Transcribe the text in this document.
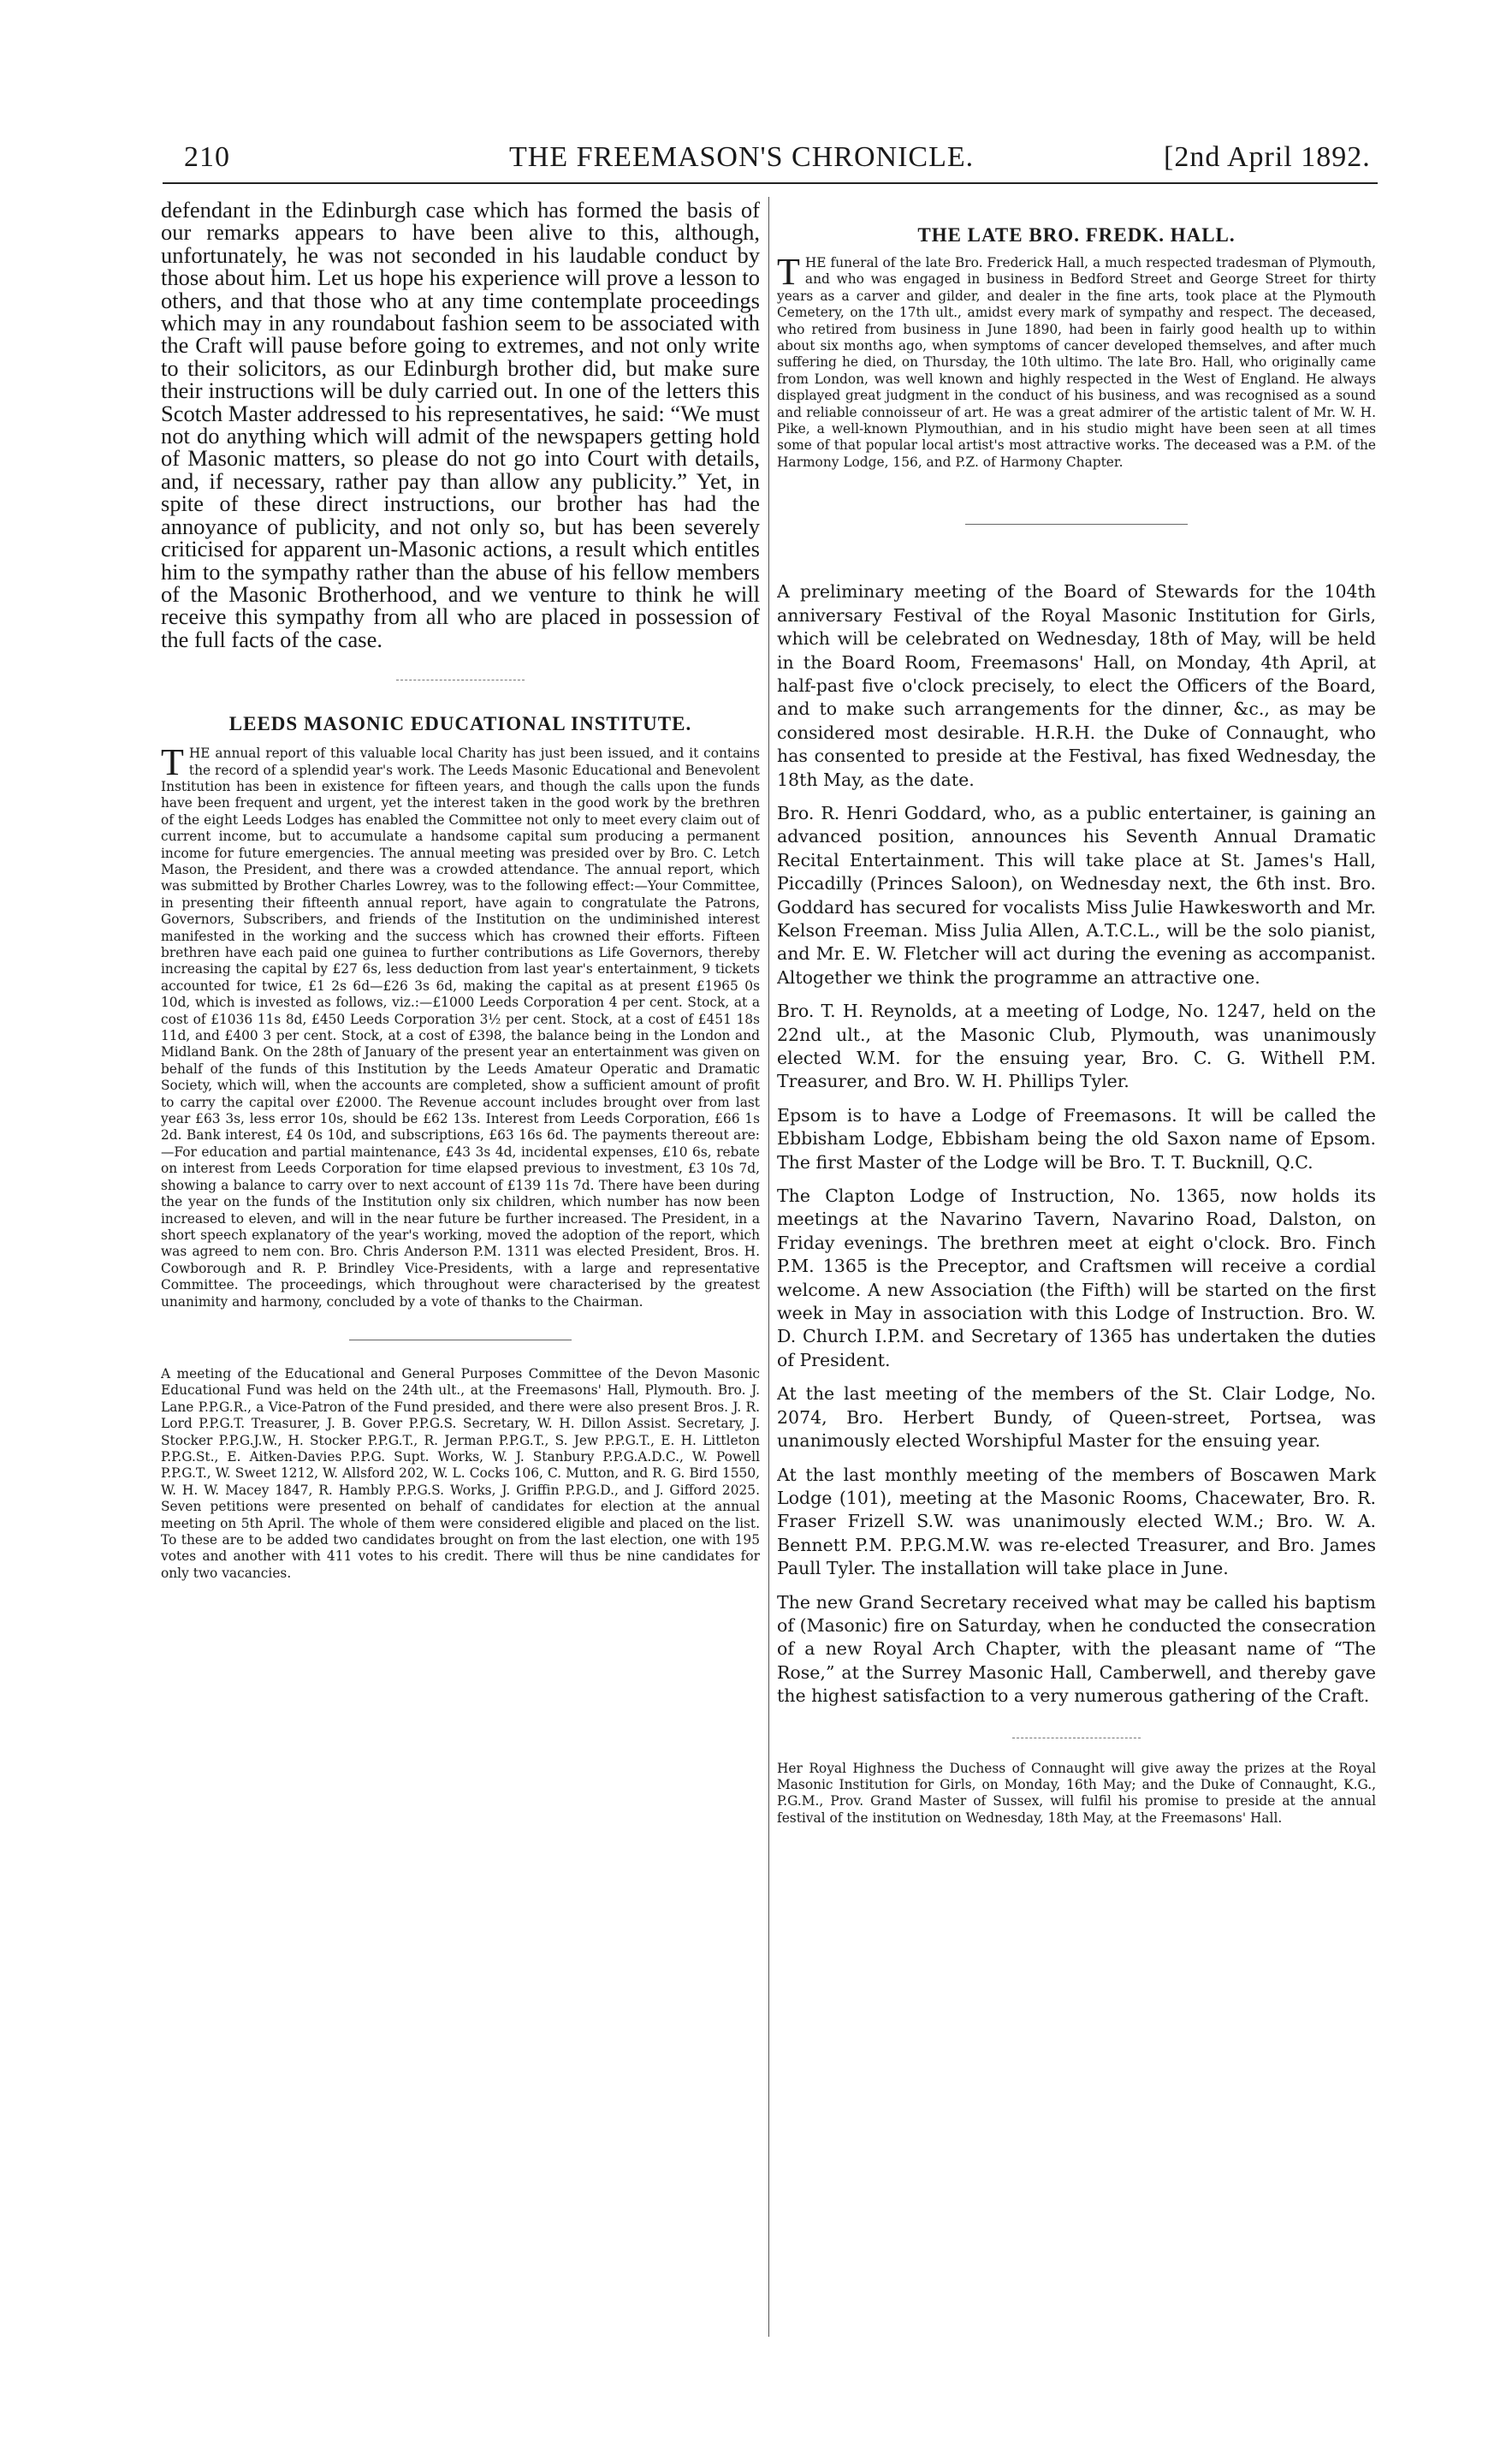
210	THE FREEMASON'S CHRONICLE.	[2nd April 1892.

defendant in the Edinburgh case which has formed the basis of our remarks appears to have been alive to this, although, unfortunately, he was not seconded in his laudable conduct by those about him. Let us hope his experience will prove a lesson to others, and that those who at any time contemplate proceedings which may in any roundabout fashion seem to be associated with the Craft will pause before going to extremes, and not only write to their solicitors, as our Edinburgh brother did, but make sure their instructions will be duly carried out. In one of the letters this Scotch Master addressed to his representatives, he said: “We must not do anything which will admit of the newspapers getting hold of Masonic matters, so please do not go into Court with details, and, if necessary, rather pay than allow any publicity.” Yet, in spite of these direct instructions, our brother has had the annoyance of publicity, and not only so, but has been severely criticised for apparent un-Masonic actions, a result which entitles him to the sympathy rather than the abuse of his fellow members of the Masonic Brotherhood, and we venture to think he will receive this sympathy from all who are placed in possession of the full facts of the case.

LEEDS MASONIC EDUCATIONAL INSTITUTE.

THE annual report of this valuable local Charity has just been issued, and it contains the record of a splendid year's work. The Leeds Masonic Educational and Benevolent Institution has been in existence for fifteen years, and though the calls upon the funds have been frequent and urgent, yet the interest taken in the good work by the brethren of the eight Leeds Lodges has enabled the Committee not only to meet every claim out of current income, but to accumulate a handsome capital sum producing a permanent income for future emergencies. The annual meeting was presided over by Bro. C. Letch Mason, the President, and there was a crowded attendance. The annual report, which was submitted by Brother Charles Lowrey, was to the following effect:—Your Committee, in presenting their fifteenth annual report, have again to congratulate the Patrons, Governors, Subscribers, and friends of the Institution on the undiminished interest manifested in the working and the success which has crowned their efforts. Fifteen brethren have each paid one guinea to further contributions as Life Governors, thereby increasing the capital by £27 6s, less deduction from last year's entertainment, 9 tickets accounted for twice, £1 2s 6d—£26 3s 6d, making the capital as at present £1965 0s 10d, which is invested as follows, viz.:—£1000 Leeds Corporation 4 per cent. Stock, at a cost of £1036 11s 8d, £450 Leeds Corporation 3½ per cent. Stock, at a cost of £451 18s 11d, and £400 3 per cent. Stock, at a cost of £398, the balance being in the London and Midland Bank. On the 28th of January of the present year an entertainment was given on behalf of the funds of this Institution by the Leeds Amateur Operatic and Dramatic Society, which will, when the accounts are completed, show a sufficient amount of profit to carry the capital over £2000. The Revenue account includes brought over from last year £63 3s, less error 10s, should be £62 13s. Interest from Leeds Corporation, £66 1s 2d. Bank interest, £4 0s 10d, and subscriptions, £63 16s 6d. The payments thereout are:—For education and partial maintenance, £43 3s 4d, incidental expenses, £10 6s, rebate on interest from Leeds Corporation for time elapsed previous to investment, £3 10s 7d, showing a balance to carry over to next account of £139 11s 7d. There have been during the year on the funds of the Institution only six children, which number has now been increased to eleven, and will in the near future be further increased. The President, in a short speech explanatory of the year's working, moved the adoption of the report, which was agreed to nem con. Bro. Chris Anderson P.M. 1311 was elected President, Bros. H. Cowborough and R. P. Brindley Vice-Presidents, with a large and representative Committee. The proceedings, which throughout were characterised by the greatest unanimity and harmony, concluded by a vote of thanks to the Chairman.

A meeting of the Educational and General Purposes Committee of the Devon Masonic Educational Fund was held on the 24th ult., at the Freemasons' Hall, Plymouth. Bro. J. Lane P.P.G.R., a Vice-Patron of the Fund presided, and there were also present Bros. J. R. Lord P.P.G.T. Treasurer, J. B. Gover P.P.G.S. Secretary, W. H. Dillon Assist. Secretary, J. Stocker P.P.G.J.W., H. Stocker P.P.G.T., R. Jerman P.P.G.T., S. Jew P.P.G.T., E. H. Littleton P.P.G.St., E. Aitken-Davies P.P.G. Supt. Works, W. J. Stanbury P.P.G.A.D.C., W. Powell P.P.G.T., W. Sweet 1212, W. Allsford 202, W. L. Cocks 106, C. Mutton, and R. G. Bird 1550, W. H. W. Macey 1847, R. Hambly P.P.G.S. Works, J. Griffin P.P.G.D., and J. Gifford 2025. Seven petitions were presented on behalf of candidates for election at the annual meeting on 5th April. The whole of them were considered eligible and placed on the list. To these are to be added two candidates brought on from the last election, one with 195 votes and another with 411 votes to his credit. There will thus be nine candidates for only two vacancies.

THE LATE BRO. FREDK. HALL.

THE funeral of the late Bro. Frederick Hall, a much respected tradesman of Plymouth, and who was engaged in business in Bedford Street and George Street for thirty years as a carver and gilder, and dealer in the fine arts, took place at the Plymouth Cemetery, on the 17th ult., amidst every mark of sympathy and respect. The deceased, who retired from business in June 1890, had been in fairly good health up to within about six months ago, when symptoms of cancer developed themselves, and after much suffering he died, on Thursday, the 10th ultimo. The late Bro. Hall, who originally came from London, was well known and highly respected in the West of England. He always displayed great judgment in the conduct of his business, and was recognised as a sound and reliable connoisseur of art. He was a great admirer of the artistic talent of Mr. W. H. Pike, a well-known Plymouthian, and in his studio might have been seen at all times some of that popular local artist's most attractive works. The deceased was a P.M. of the Harmony Lodge, 156, and P.Z. of Harmony Chapter.

A preliminary meeting of the Board of Stewards for the 104th anniversary Festival of the Royal Masonic Institution for Girls, which will be celebrated on Wednesday, 18th of May, will be held in the Board Room, Freemasons' Hall, on Monday, 4th April, at half-past five o'clock precisely, to elect the Officers of the Board, and to make such arrangements for the dinner, &c., as may be considered most desirable. H.R.H. the Duke of Connaught, who has consented to preside at the Festival, has fixed Wednesday, the 18th May, as the date.

Bro. R. Henri Goddard, who, as a public entertainer, is gaining an advanced position, announces his Seventh Annual Dramatic Recital Entertainment. This will take place at St. James's Hall, Piccadilly (Princes Saloon), on Wednesday next, the 6th inst. Bro. Goddard has secured for vocalists Miss Julie Hawkesworth and Mr. Kelson Freeman. Miss Julia Allen, A.T.C.L., will be the solo pianist, and Mr. E. W. Fletcher will act during the evening as accompanist. Altogether we think the programme an attractive one.

Bro. T. H. Reynolds, at a meeting of Lodge, No. 1247, held on the 22nd ult., at the Masonic Club, Plymouth, was unanimously elected W.M. for the ensuing year, Bro. C. G. Withell P.M. Treasurer, and Bro. W. H. Phillips Tyler.

Epsom is to have a Lodge of Freemasons. It will be called the Ebbisham Lodge, Ebbisham being the old Saxon name of Epsom. The first Master of the Lodge will be Bro. T. T. Bucknill, Q.C.

The Clapton Lodge of Instruction, No. 1365, now holds its meetings at the Navarino Tavern, Navarino Road, Dalston, on Friday evenings. The brethren meet at eight o'clock. Bro. Finch P.M. 1365 is the Preceptor, and Craftsmen will receive a cordial welcome. A new Association (the Fifth) will be started on the first week in May in association with this Lodge of Instruction. Bro. W. D. Church I.P.M. and Secretary of 1365 has undertaken the duties of President.

At the last meeting of the members of the St. Clair Lodge, No. 2074, Bro. Herbert Bundy, of Queen-street, Portsea, was unanimously elected Worshipful Master for the ensuing year.

At the last monthly meeting of the members of Boscawen Mark Lodge (101), meeting at the Masonic Rooms, Chacewater, Bro. R. Fraser Frizell S.W. was unanimously elected W.M.; Bro. W. A. Bennett P.M. P.P.G.M.W. was re-elected Treasurer, and Bro. James Paull Tyler. The installation will take place in June.

The new Grand Secretary received what may be called his baptism of (Masonic) fire on Saturday, when he conducted the consecration of a new Royal Arch Chapter, with the pleasant name of “The Rose,” at the Surrey Masonic Hall, Camberwell, and thereby gave the highest satisfaction to a very numerous gathering of the Craft.

Her Royal Highness the Duchess of Connaught will give away the prizes at the Royal Masonic Institution for Girls, on Monday, 16th May; and the Duke of Connaught, K.G., P.G.M., Prov. Grand Master of Sussex, will fulfil his promise to preside at the annual festival of the institution on Wednesday, 18th May, at the Freemasons' Hall.
